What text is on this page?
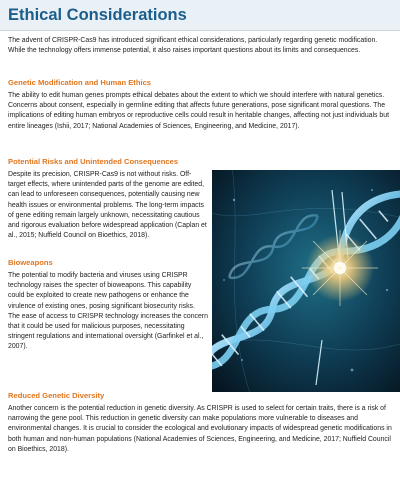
Ethical Considerations

The advent of CRISPR-Cas9 has introduced significant ethical considerations, particularly regarding genetic modification. While the technology offers immense potential, it also raises important questions about its limits and consequences.

Genetic Modification and Human Ethics

The ability to edit human genes prompts ethical debates about the extent to which we should interfere with natural genetics. Concerns about consent, especially in germline editing that affects future generations, pose significant moral questions. The implications of editing human embryos or reproductive cells could result in heritable changes, affecting not just individuals but entire lineages (Ishii, 2017; National Academies of Sciences, Engineering, and Medicine, 2017).

Potential Risks and Unintended Consequences

Despite its precision, CRISPR-Cas9 is not without risks. Off-target effects, where unintended parts of the genome are edited, can lead to unforeseen consequences, potentially causing new health issues or environmental problems. The long-term impacts of gene editing remain largely unknown, necessitating cautious and rigorous evaluation before widespread application (Caplan et al., 2015; Nuffield Council on Bioethics, 2018).

Bioweapons

The potential to modify bacteria and viruses using CRISPR technology raises the specter of bioweapons. This capability could be exploited to create new pathogens or enhance the virulence of existing ones, posing significant biosecurity risks. The ease of access to CRISPR technology increases the concern that it could be used for malicious purposes, necessitating stringent regulations and international oversight (Garfinkel et al., 2007).

Reduced Genetic Diversity

Another concern is the potential reduction in genetic diversity. As CRISPR is used to select for certain traits, there is a risk of narrowing the gene pool. This reduction in genetic diversity can make populations more vulnerable to diseases and environmental changes. It is crucial to consider the ecological and evolutionary impacts of widespread genetic modifications in both human and non-human populations (National Academies of Sciences, Engineering, and Medicine, 2017; Nuffield Council on Bioethics, 2018).
